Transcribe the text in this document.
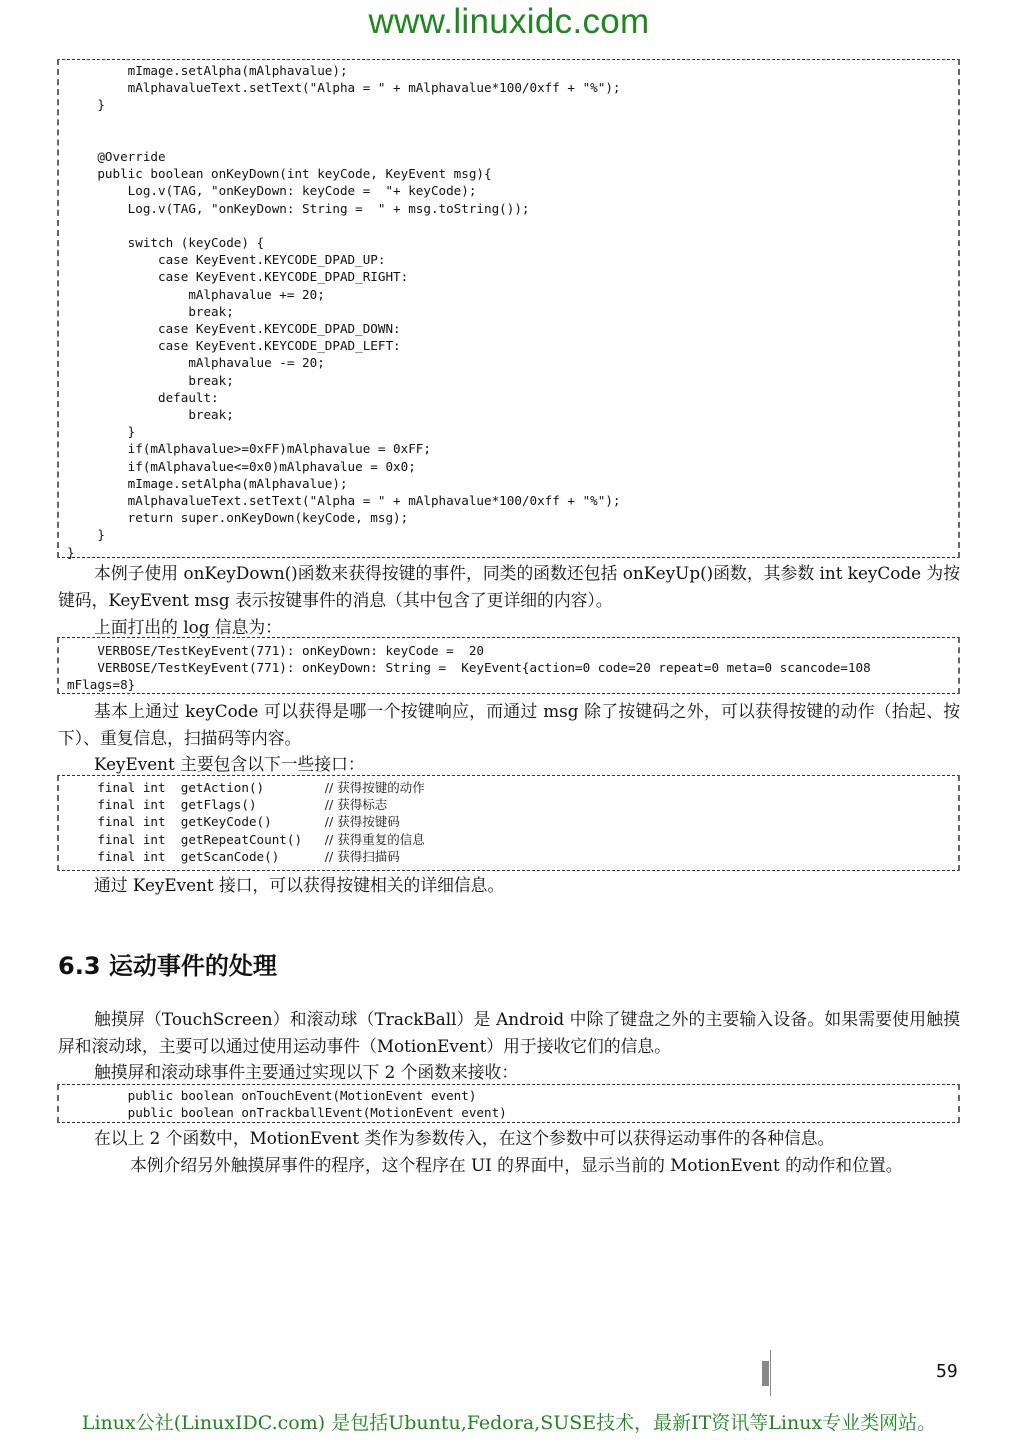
www.linuxidc.com
mImage.setAlpha(mAlphavalue);
mAlphavalueText.setText("Alpha = " + mAlphavalue*100/0xff + "%");
}

@Override
public boolean onKeyDown(int keyCode, KeyEvent msg){
Log.v(TAG, "onKeyDown: keyCode =  "+ keyCode);
Log.v(TAG, "onKeyDown: String =  " + msg.toString());

switch (keyCode) {
case KeyEvent.KEYCODE_DPAD_UP:
case KeyEvent.KEYCODE_DPAD_RIGHT:
mAlphavalue += 20;
break;
case KeyEvent.KEYCODE_DPAD_DOWN:
case KeyEvent.KEYCODE_DPAD_LEFT:
mAlphavalue -= 20;
break;
default:
break;
}
if(mAlphavalue>=0xFF)mAlphavalue = 0xFF;
if(mAlphavalue<=0x0)mAlphavalue = 0x0;
mImage.setAlpha(mAlphavalue);
mAlphavalueText.setText("Alpha = " + mAlphavalue*100/0xff + "%");
return super.onKeyDown(keyCode, msg);
}
}

本例子使用 onKeyDown()函数来获得按键的事件，同类的函数还包括 onKeyUp()函数，其参数 int keyCode 为按键码，KeyEvent msg 表示按键事件的消息（其中包含了更详细的内容）。

上面打出的 log 信息为：

VERBOSE/TestKeyEvent(771): onKeyDown: keyCode =  20
VERBOSE/TestKeyEvent(771): onKeyDown: String =  KeyEvent{action=0 code=20 repeat=0 meta=0 scancode=108
mFlags=8}

基本上通过 keyCode 可以获得是哪一个按键响应，而通过 msg 除了按键码之外，可以获得按键的动作（抬起、按下）、重复信息，扫描码等内容。

KeyEvent 主要包含以下一些接口：

final int  getAction()        // 获得按键的动作
final int  getFlags()         // 获得标志
final int  getKeyCode()       // 获得按键码
final int  getRepeatCount()   // 获得重复的信息
final int  getScanCode()      // 获得扫描码

通过 KeyEvent 接口，可以获得按键相关的详细信息。

6.3 运动事件的处理

触摸屏（TouchScreen）和滚动球（TrackBall）是 Android 中除了键盘之外的主要输入设备。如果需要使用触摸屏和滚动球，主要可以通过使用运动事件（MotionEvent）用于接收它们的信息。

触摸屏和滚动球事件主要通过实现以下 2 个函数来接收：

public boolean onTouchEvent(MotionEvent event)
public boolean onTrackballEvent(MotionEvent event)

在以上 2 个函数中，MotionEvent 类作为参数传入，在这个参数中可以获得运动事件的各种信息。

本例介绍另外触摸屏事件的程序，这个程序在 UI 的界面中，显示当前的 MotionEvent 的动作和位置。

59
Linux公社(LinuxIDC.com) 是包括Ubuntu,Fedora,SUSE技术，最新IT资讯等Linux专业类网站。
